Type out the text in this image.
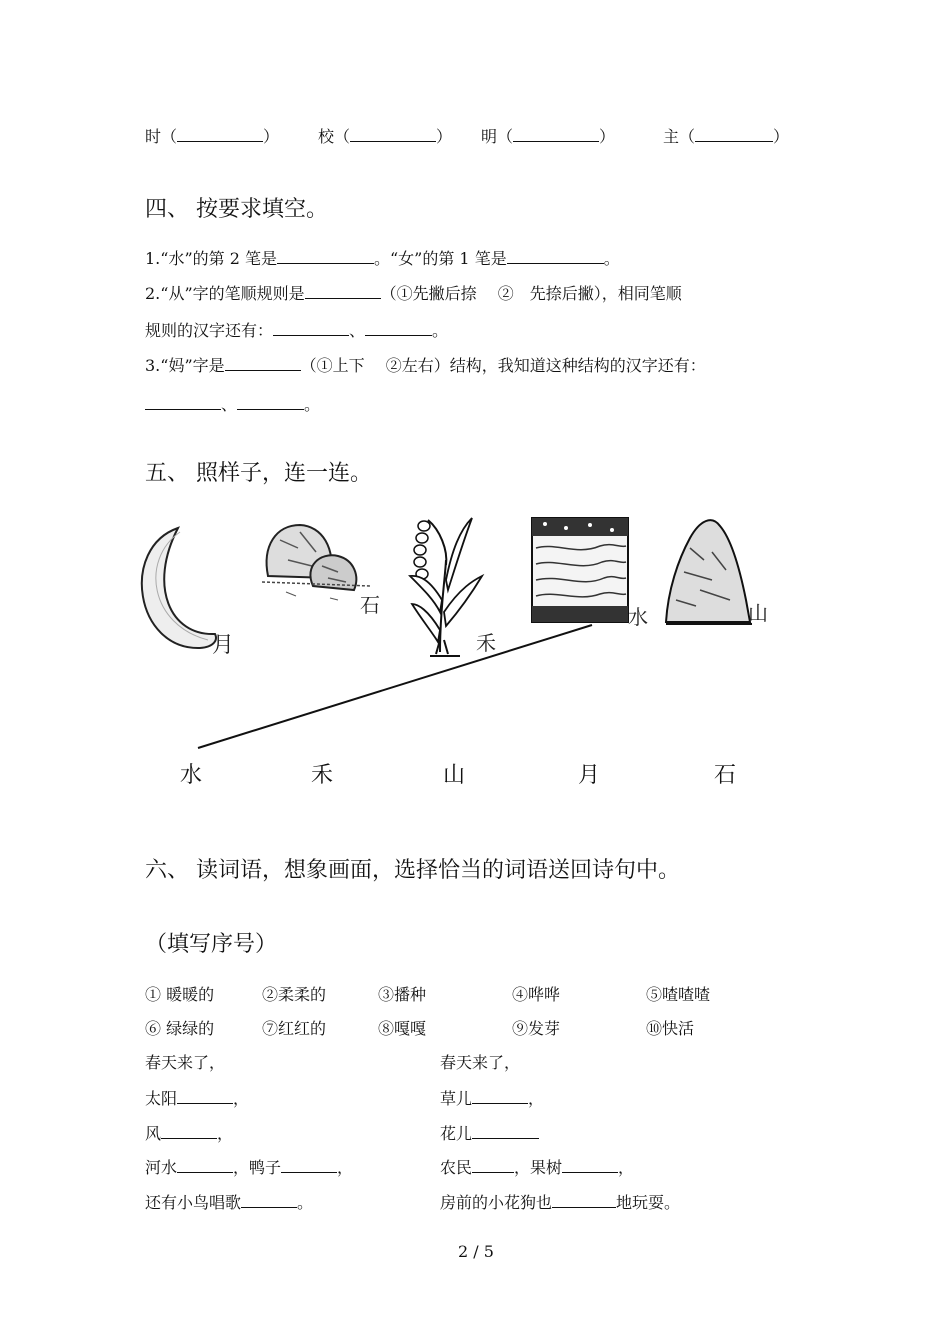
时（	） 校（	） 明（	）	主（	）
四、 按要求填空。
1.“水”的第 2 笔是	。“女”的第 1 笔是	。
2.“从”字的笔顺规则是	（①先撇后捺　 ②　先捺后撇），相同笔顺
规则的汉字还有：	、	。
3.“妈”字是	（①上下　 ②左右）结构，我知道这种结构的汉字还有：
、	。
五、 照样子，连一连。
月
石
禾
水	山
水	禾	山	月	石
六、 读词语，想象画面，选择恰当的词语送回诗句中。
（填写序号）
① 暖暖的	②柔柔的	③播种	④哗哗	⑤喳喳喳
⑥ 绿绿的	⑦红红的	⑧嘎嘎	⑨发芽	⑩快活
春天来了，
太阳	，
风	，
河水	，鸭子	，
还有小鸟唱歌	。
春天来了，
草儿	，
花儿
农民	，果树	，
房前的小花狗也	地玩耍。
2 / 5
